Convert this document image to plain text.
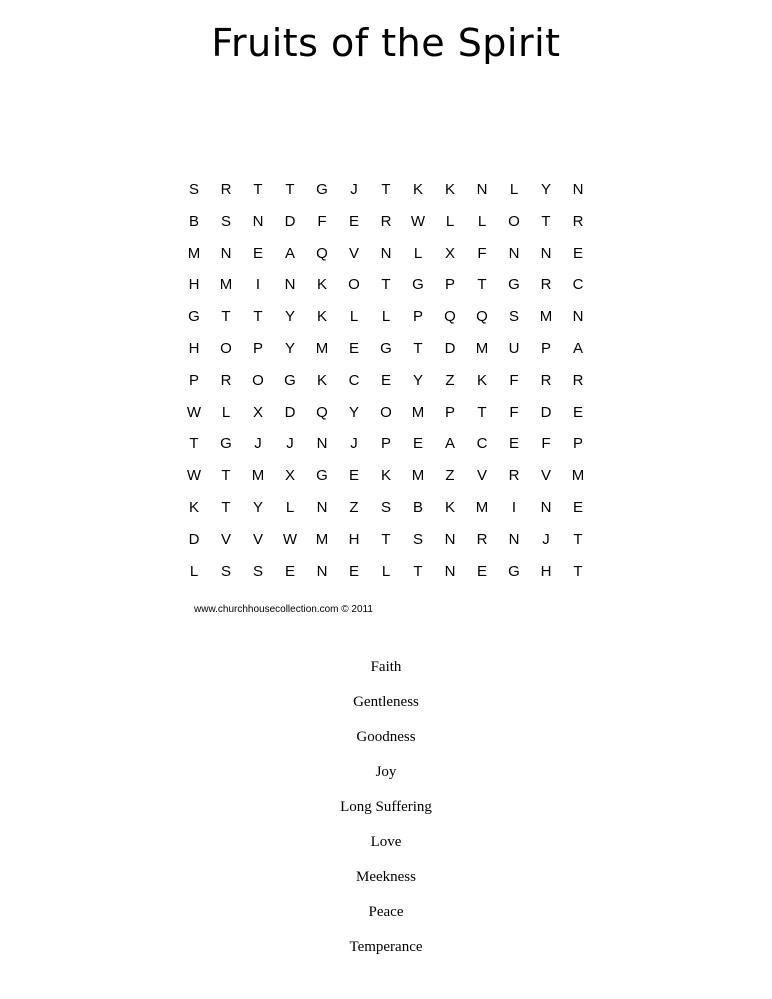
Fruits of the Spirit
S	R	T	T	G	J	T	K	K	N	L	Y	N
B	S	N	D	F	E	R	W	L	L	O	T	R
M	N	E	A	Q	V	N	L	X	F	N	N	E
H	M	I	N	K	O	T	G	P	T	G	R	C
G	T	T	Y	K	L	L	P	Q	Q	S	M	N
H	O	P	Y	M	E	G	T	D	M	U	P	A
P	R	O	G	K	C	E	Y	Z	K	F	R	R
W	L	X	D	Q	Y	O	M	P	T	F	D	E
T	G	J	J	N	J	P	E	A	C	E	F	P
W	T	M	X	G	E	K	M	Z	V	R	V	M
K	T	Y	L	N	Z	S	B	K	M	I	N	E
D	V	V	W	M	H	T	S	N	R	N	J	T
L	S	S	E	N	E	L	T	N	E	G	H	T
www.churchhousecollection.com © 2011
Faith
Gentleness
Goodness
Joy
Long Suffering
Love
Meekness
Peace
Temperance
